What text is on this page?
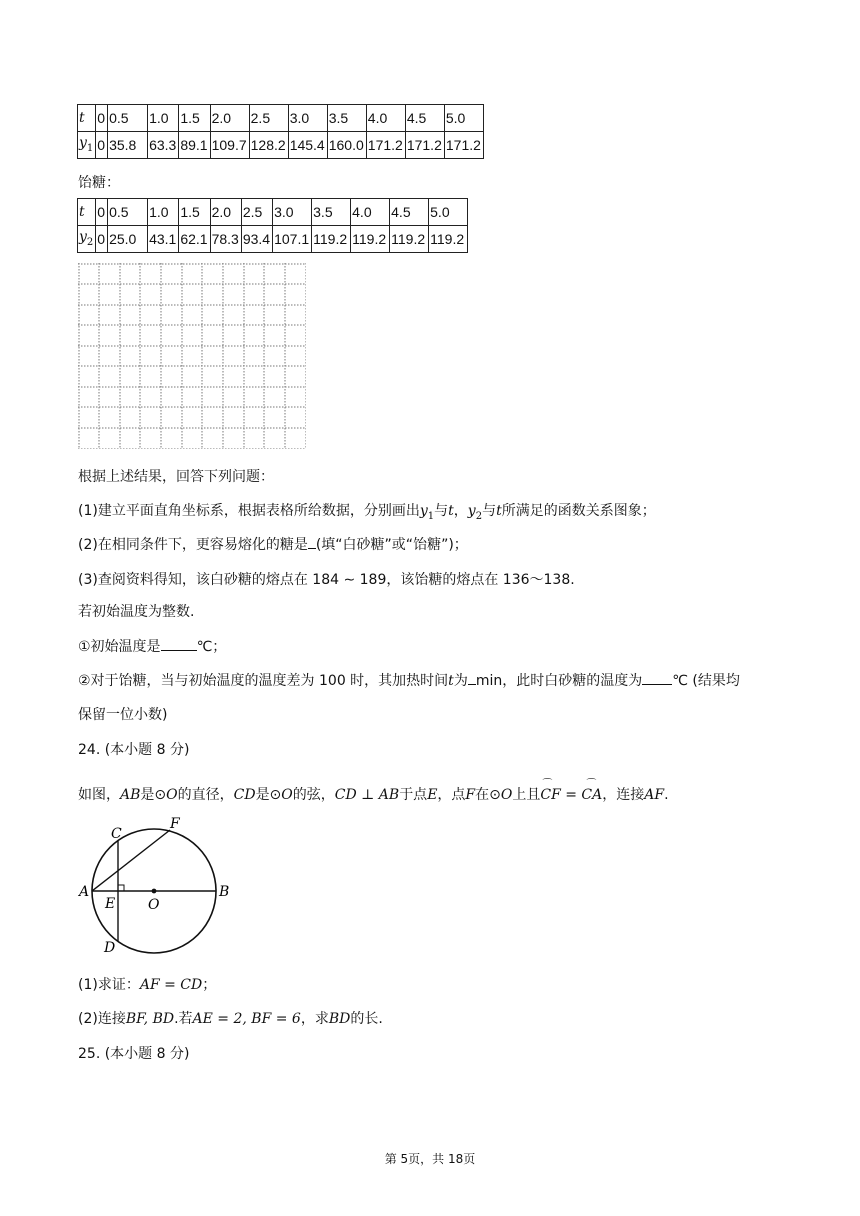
t	0	0.5	1.0	1.5	2.0	2.5	3.0	3.5	4.0	4.5	5.0
$y_1$	0	35.8	63.3	89.1	109.7	128.2	145.4	160.0	171.2	171.2	171.2
饴糖：
t	0	0.5	1.0	1.5	2.0	2.5	3.0	3.5	4.0	4.5	5.0
$y_2$	0	25.0	43.1	62.1	78.3	93.4	107.1	119.2	119.2	119.2	119.2
根据上述结果，回答下列问题：
(1)建立平面直角坐标系，根据表格所给数据，分别画出$y_1$与t，$y_2$与t所满足的函数关系图象；
(2)在相同条件下，更容易熔化的糖是 (填“白砂糖”或“饴糖”)；
(3)查阅资料得知，该白砂糖的熔点在 184 ∼ 189，该饴糖的熔点在 136～138.
若初始温度为整数.
①初始温度是	℃；
②对于饴糖，当与初始温度的温度差为 100 时，其加热时间t为 min，此时白砂糖的温度为 ℃ (结果均
保留一位小数)
24. (本小题 8 分)
如图，AB是⊙O的直径，CD是⊙O的弦，CD ⊥ AB于点E，点F在⊙O上且CF = CA
⌒	⌒
，连接AF.
A	B
C
D
E
F
O
(1)求证：AF = CD；
(2)连接BF, BD.若AE = 2, BF = 6，求BD的长.
25. (本小题 8 分)
第 5页，共 18页
